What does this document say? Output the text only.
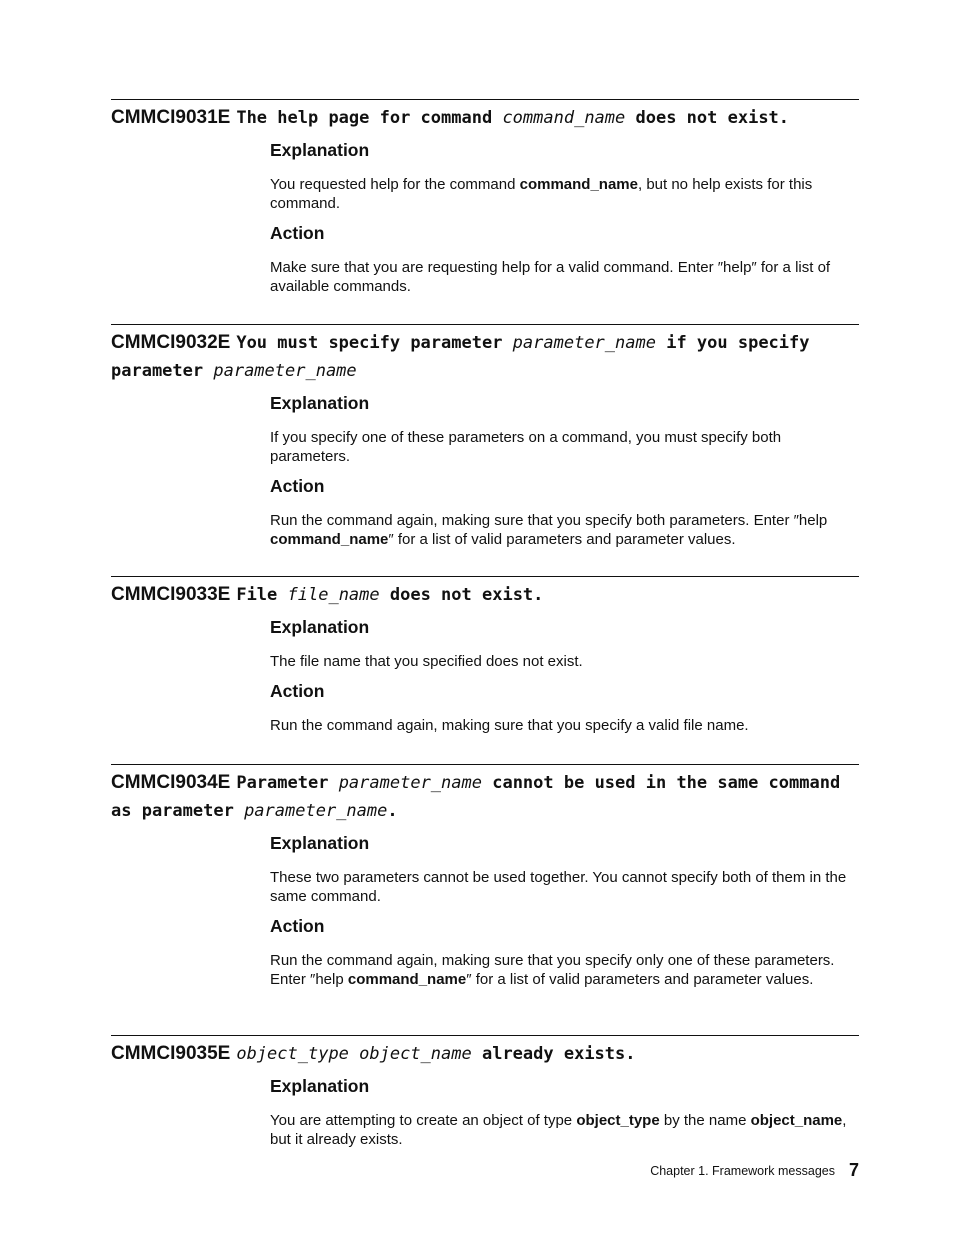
CMMCI9031E The help page for command command_name does not exist.
Explanation

You requested help for the command command_name, but no help exists for this command.

Action

Make sure that you are requesting help for a valid command. Enter ″help″ for a list of available commands.

CMMCI9032E You must specify parameter parameter_name if you specify parameter parameter_name
Explanation

If you specify one of these parameters on a command, you must specify both parameters.

Action

Run the command again, making sure that you specify both parameters. Enter ″help command_name″ for a list of valid parameters and parameter values.

CMMCI9033E File file_name does not exist.
Explanation

The file name that you specified does not exist.

Action

Run the command again, making sure that you specify a valid file name.

CMMCI9034E Parameter parameter_name cannot be used in the same command as parameter parameter_name.
Explanation

These two parameters cannot be used together. You cannot specify both of them in the same command.

Action

Run the command again, making sure that you specify only one of these parameters. Enter ″help command_name″ for a list of valid parameters and parameter values.

CMMCI9035E object_type object_name already exists.
Explanation

You are attempting to create an object of type object_type by the name object_name, but it already exists.

Chapter 1. Framework messages 7
